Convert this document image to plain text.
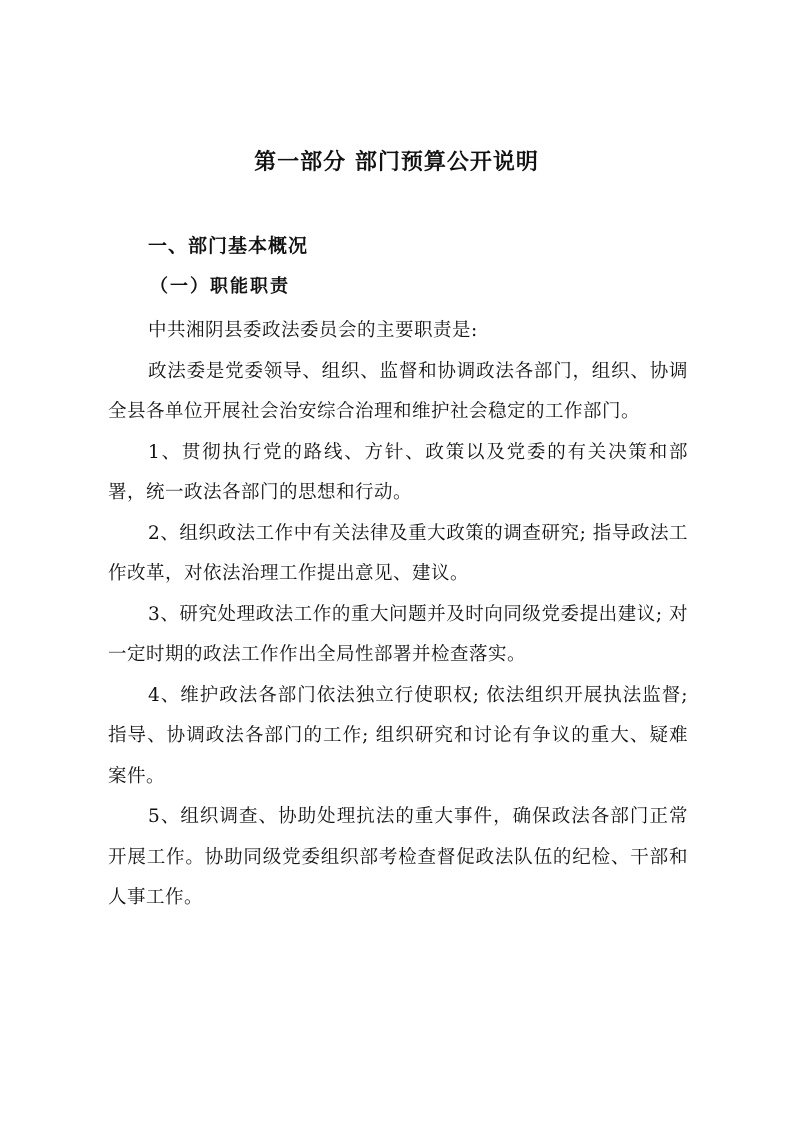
第一部分 部门预算公开说明
一、部门基本概况
（一）职能职责

中共湘阴县委政法委员会的主要职责是:

政法委是党委领导、组织、监督和协调政法各部门，组织、协调全县各单位开展社会治安综合治理和维护社会稳定的工作部门。

1、贯彻执行党的路线、方针、政策以及党委的有关决策和部署，统一政法各部门的思想和行动。

2、组织政法工作中有关法律及重大政策的调查研究; 指导政法工作改革，对依法治理工作提出意见、建议。

3、研究处理政法工作的重大问题并及时向同级党委提出建议; 对一定时期的政法工作作出全局性部署并检查落实。

4、维护政法各部门依法独立行使职权; 依法组织开展执法监督; 指导、协调政法各部门的工作; 组织研究和讨论有争议的重大、疑难案件。

5、组织调查、协助处理抗法的重大事件，确保政法各部门正常开展工作。协助同级党委组织部考检查督促政法队伍的纪检、干部和人事工作。
